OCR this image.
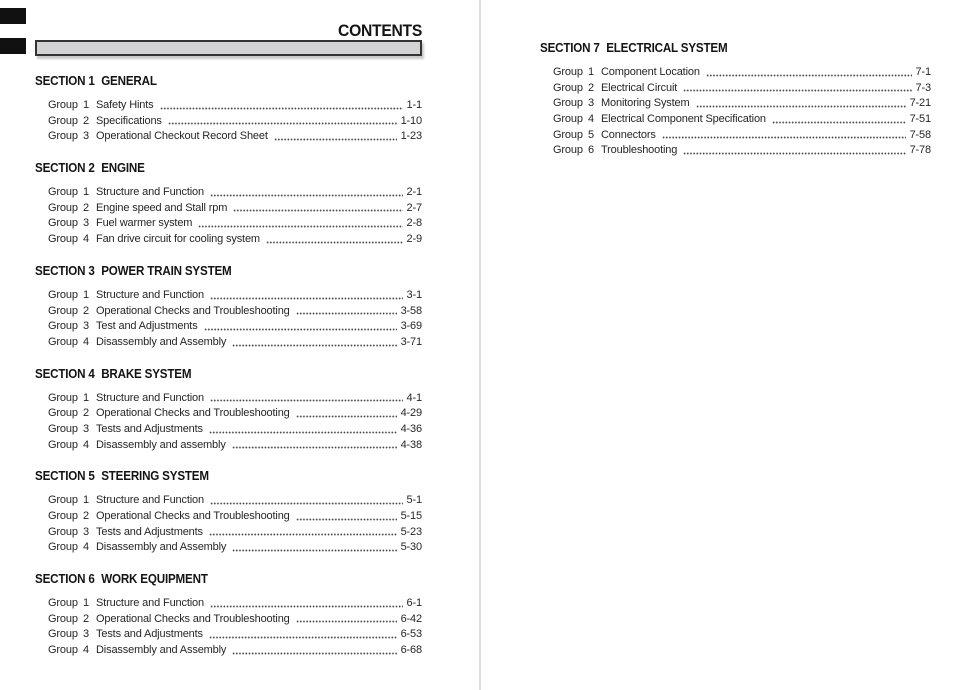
CONTENTS
SECTION 1 GENERAL
Group 1 Safety Hints	1-1
Group 2 Specifications	1-10
Group 3 Operational Checkout Record Sheet	1-23
SECTION 2 ENGINE
Group 1 Structure and Function	2-1
Group 2 Engine speed and Stall rpm	2-7
Group 3 Fuel warmer system	2-8
Group 4 Fan drive circuit for cooling system	2-9
SECTION 3 POWER TRAIN SYSTEM
Group 1 Structure and Function	3-1
Group 2 Operational Checks and Troubleshooting	3-58
Group 3 Test and Adjustments	3-69
Group 4 Disassembly and Assembly	3-71
SECTION 4 BRAKE SYSTEM
Group 1 Structure and Function	4-1
Group 2 Operational Checks and Troubleshooting	4-29
Group 3 Tests and Adjustments	4-36
Group 4 Disassembly and assembly	4-38
SECTION 5 STEERING SYSTEM
Group 1 Structure and Function	5-1
Group 2 Operational Checks and Troubleshooting	5-15
Group 3 Tests and Adjustments	5-23
Group 4 Disassembly and Assembly	5-30
SECTION 6 WORK EQUIPMENT
Group 1 Structure and Function	6-1
Group 2 Operational Checks and Troubleshooting	6-42
Group 3 Tests and Adjustments	6-53
Group 4 Disassembly and Assembly	6-68
SECTION 7 ELECTRICAL SYSTEM
Group 1 Component Location	7-1
Group 2 Electrical Circuit	7-3
Group 3 Monitoring System	7-21
Group 4 Electrical Component Specification	7-51
Group 5 Connectors	7-58
Group 6 Troubleshooting	7-78
